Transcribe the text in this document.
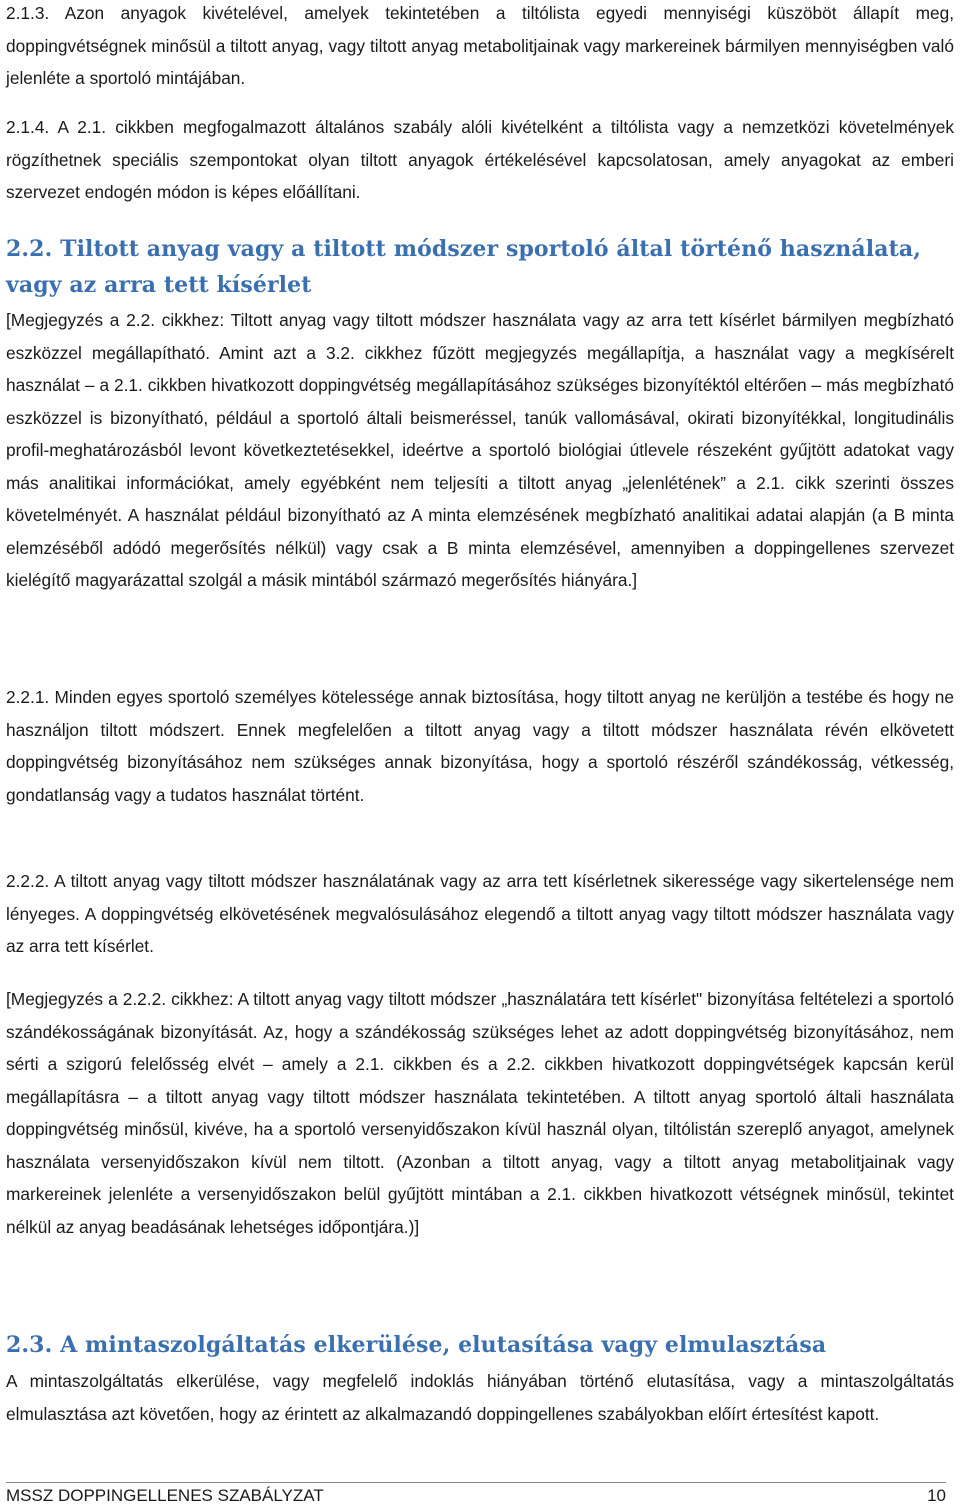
2.1.3. Azon anyagok kivételével, amelyek tekintetében a tiltólista egyedi mennyiségi küszöböt állapít meg, doppingvétségnek minősül a tiltott anyag, vagy tiltott anyag metabolitjainak vagy markereinek bármilyen mennyiségben való jelenléte a sportoló mintájában.

2.1.4. A 2.1. cikkben megfogalmazott általános szabály alóli kivételként a tiltólista vagy a nemzetközi követelmények rögzíthetnek speciális szempontokat olyan tiltott anyagok értékelésével kapcsolatosan, amely anyagokat az emberi szervezet endogén módon is képes előállítani.

2.2. Tiltott anyag vagy a tiltott módszer sportoló által történő használata, vagy az arra tett kísérlet

[Megjegyzés a 2.2. cikkhez: Tiltott anyag vagy tiltott módszer használata vagy az arra tett kísérlet bármilyen megbízható eszközzel megállapítható. Amint azt a 3.2. cikkhez fűzött megjegyzés megállapítja, a használat vagy a megkísérelt használat – a 2.1. cikkben hivatkozott doppingvétség megállapításához szükséges bizonyítéktól eltérően – más megbízható eszközzel is bizonyítható, például a sportoló általi beismeréssel, tanúk vallomásával, okirati bizonyítékkal, longitudinális profil-meghatározásból levont következtetésekkel, ideértve a sportoló biológiai útlevele részeként gyűjtött adatokat vagy más analitikai információkat, amely egyébként nem teljesíti a tiltott anyag „jelenlétének” a 2.1. cikk szerinti összes követelményét. A használat például bizonyítható az A minta elemzésének megbízható analitikai adatai alapján (a B minta elemzéséből adódó megerősítés nélkül) vagy csak a B minta elemzésével, amennyiben a doppingellenes szervezet kielégítő magyarázattal szolgál a másik mintából származó megerősítés hiányára.]

2.2.1. Minden egyes sportoló személyes kötelessége annak biztosítása, hogy tiltott anyag ne kerüljön a testébe és hogy ne használjon tiltott módszert. Ennek megfelelően a tiltott anyag vagy a tiltott módszer használata révén elkövetett doppingvétség bizonyításához nem szükséges annak bizonyítása, hogy a sportoló részéről szándékosság, vétkesség, gondatlanság vagy a tudatos használat történt.

2.2.2. A tiltott anyag vagy tiltott módszer használatának vagy az arra tett kísérletnek sikeressége vagy sikertelensége nem lényeges. A doppingvétség elkövetésének megvalósulásához elegendő a tiltott anyag vagy tiltott módszer használata vagy az arra tett kísérlet.

[Megjegyzés a 2.2.2. cikkhez: A tiltott anyag vagy tiltott módszer „használatára tett kísérlet" bizonyítása feltételezi a sportoló szándékosságának bizonyítását. Az, hogy a szándékosság szükséges lehet az adott doppingvétség bizonyításához, nem sérti a szigorú felelősség elvét – amely a 2.1. cikkben és a 2.2. cikkben hivatkozott doppingvétségek kapcsán kerül megállapításra – a tiltott anyag vagy tiltott módszer használata tekintetében. A tiltott anyag sportoló általi használata doppingvétség minősül, kivéve, ha a sportoló versenyidőszakon kívül használ olyan, tiltólistán szereplő anyagot, amelynek használata versenyidőszakon kívül nem tiltott. (Azonban a tiltott anyag, vagy a tiltott anyag metabolitjainak vagy markereinek jelenléte a versenyidőszakon belül gyűjtött mintában a 2.1. cikkben hivatkozott vétségnek minősül, tekintet nélkül az anyag beadásának lehetséges időpontjára.)]

2.3. A mintaszolgáltatás elkerülése, elutasítása vagy elmulasztása

A mintaszolgáltatás elkerülése, vagy megfelelő indoklás hiányában történő elutasítása, vagy a mintaszolgáltatás elmulasztása azt követően, hogy az érintett az alkalmazandó doppingellenes szabályokban előírt értesítést kapott.

MSSZ DOPPINGELLENES SZABÁLYZAT	10
